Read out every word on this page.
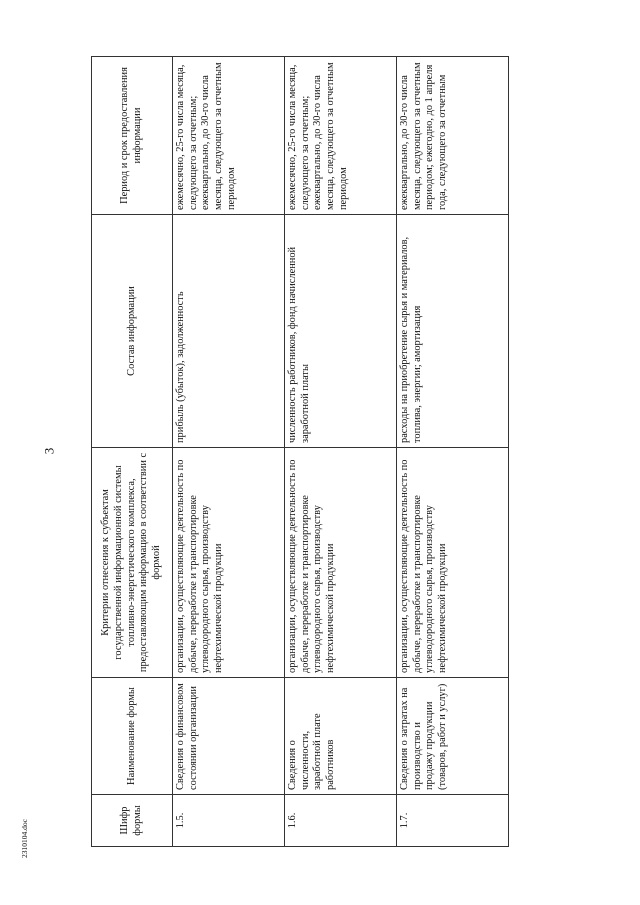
3
2310104.doc	Шифр формы	Наименование формы	Критерии отнесения к субъектам государственной информационной системы топливно-энергетического комплекса, предоставляющим информацию в соответствии с формой	Состав информации	Период и срок предоставления информации
1.5.	Сведения о финансовом состоянии организации	организации, осуществляющие деятельность по добыче, переработке и транспортировке углеводородного сырья, производству нефтехимической продукции	прибыль (убыток), задолженность	ежемесячно, 25-го числа месяца, следующего за отчетным; ежеквартально, до 30-го числа месяца, следующего за отчетным периодом
1.6.	Сведения о численности, заработной плате работников	организации, осуществляющие деятельность по добыче, переработке и транспортировке углеводородного сырья, производству нефтехимической продукции	численность работников, фонд начисленной заработной платы	ежемесячно, 25-го числа месяца, следующего за отчетным; ежеквартально, до 30-го числа месяца, следующего за отчетным периодом
1.7.	Сведения о затратах на производство и продажу продукции (товаров, работ и услуг)	организации, осуществляющие деятельность по добыче, переработке и транспортировке углеводородного сырья, производству нефтехимической продукции	расходы на приобретение сырья и материалов, топлива, энергии; амортизация	ежеквартально, до 30-го числа месяца, следующего за отчетным периодом; ежегодно, до 1 апреля года, следующего за отчетным
